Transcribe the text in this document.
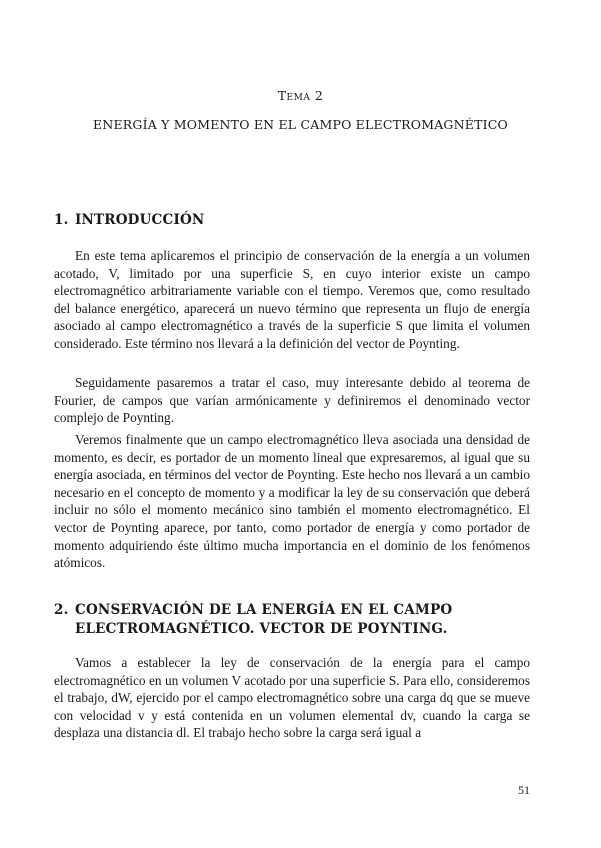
Tema 2
ENERGÍA Y MOMENTO EN EL CAMPO ELECTROMAGNÉTICO
1. INTRODUCCIÓN

En este tema aplicaremos el principio de conservación de la energía a un volumen acotado, V, limitado por una superficie S, en cuyo interior existe un campo electromagnético arbitrariamente variable con el tiempo. Veremos que, como resultado del balance energético, aparecerá un nuevo término que representa un flujo de energía asociado al campo electromagnético a través de la superficie S que limita el volumen considerado. Este término nos llevará a la definición del vector de Poynting.

Seguidamente pasaremos a tratar el caso, muy interesante debido al teorema de Fourier, de campos que varían armónicamente y definiremos el denominado vector complejo de Poynting.

Veremos finalmente que un campo electromagnético lleva asociada una densidad de momento, es decir, es portador de un momento lineal que expresaremos, al igual que su energía asociada, en términos del vector de Poynting. Este hecho nos llevará a un cambio necesario en el concepto de momento y a modificar la ley de su conservación que deberá incluir no sólo el momento mecánico sino también el momento electromagnético. El vector de Poynting aparece, por tanto, como portador de energía y como portador de momento adquiriendo éste último mucha importancia en el dominio de los fenómenos atómicos.

2. CONSERVACIÓN DE LA ENERGÍA EN EL CAMPO
ELECTROMAGNÉTICO. VECTOR DE POYNTING.

Vamos a establecer la ley de conservación de la energía para el campo electromagnético en un volumen V acotado por una superficie S. Para ello, consideremos el trabajo, dW, ejercido por el campo electromagnético sobre una carga dq que se mueve con velocidad v y está contenida en un volumen elemental dv, cuando la carga se desplaza una distancia dl. El trabajo hecho sobre la carga será igual a

51
